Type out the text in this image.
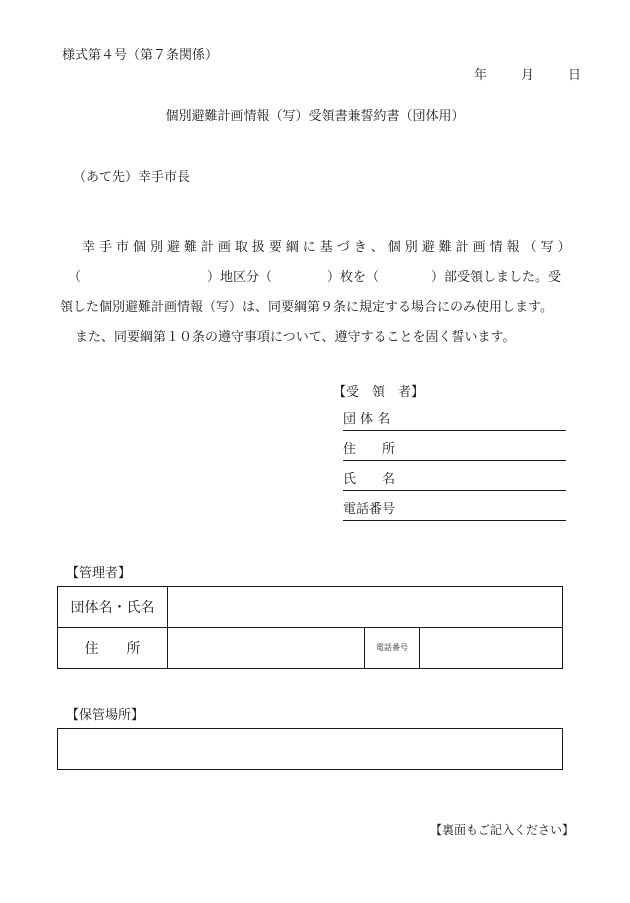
様式第４号（第７条関係）
年	月	日
個別避難計画情報（写）受領書兼誓約書（団体用）
（あて先）幸手市長
幸 手 市 個 別 避 難 計 画 取 扱 要 綱 に 基 づ き 、 個 別 避 難 計 画 情 報 （ 写 ）
（	）地区分（	）枚を（	）部受領しました。受
領した個別避難計画情報（写）は、同要綱第９条に規定する場合にのみ使用します。
また、同要綱第１０条の遵守事項について、遵守することを固く誓います。
【受　領　者】
団 体 名
住　　所
氏　　名
電話番号
【管理者】
団体名・氏名			
住　　所		電話番号	
【保管場所】
【裏面もご記入ください】
